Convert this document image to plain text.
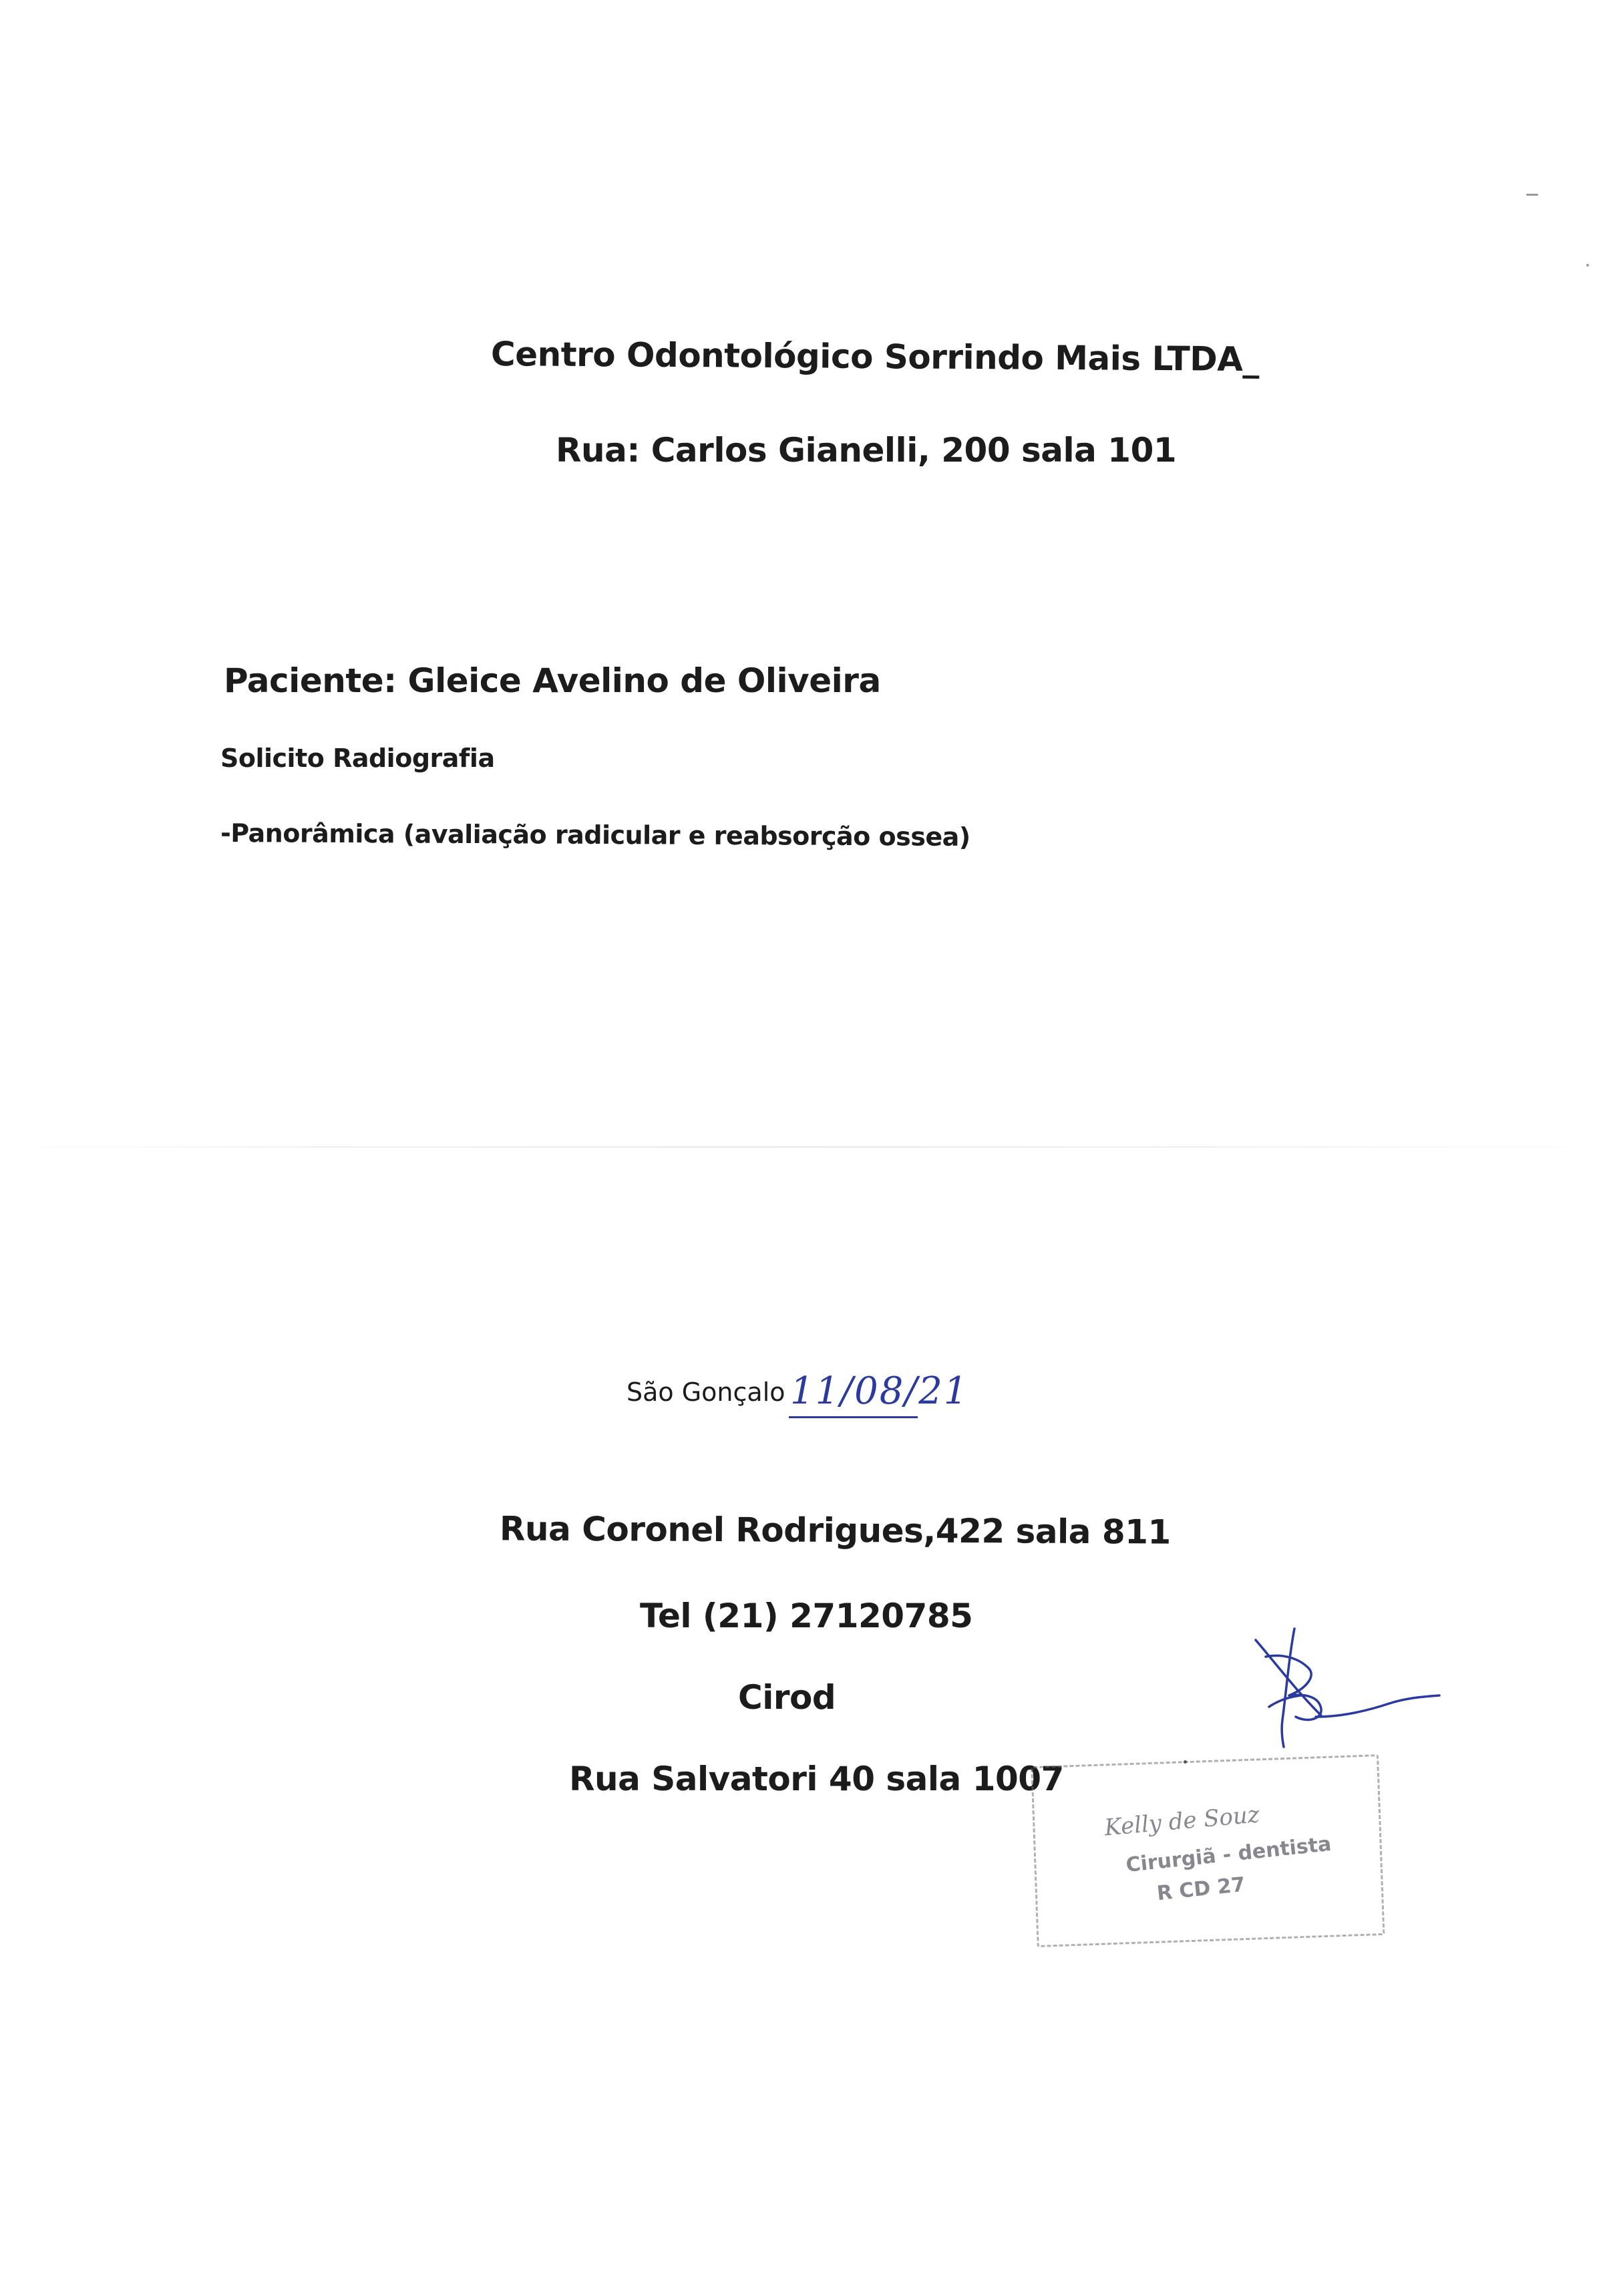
Centro Odontológico Sorrindo Mais LTDA_
Rua: Carlos Gianelli, 200 sala 101
Paciente: Gleice Avelino de Oliveira
Solicito Radiografia
-Panorâmica (avaliação radicular e reabsorção ossea)
São Gonçalo 11/08/21
Rua Coronel Rodrigues,422 sala 811
Tel (21) 27120785
Cirod
Rua Salvatori 40 sala 1007
Kelly de Souz
Cirurgiã - dentista
R CD 27
